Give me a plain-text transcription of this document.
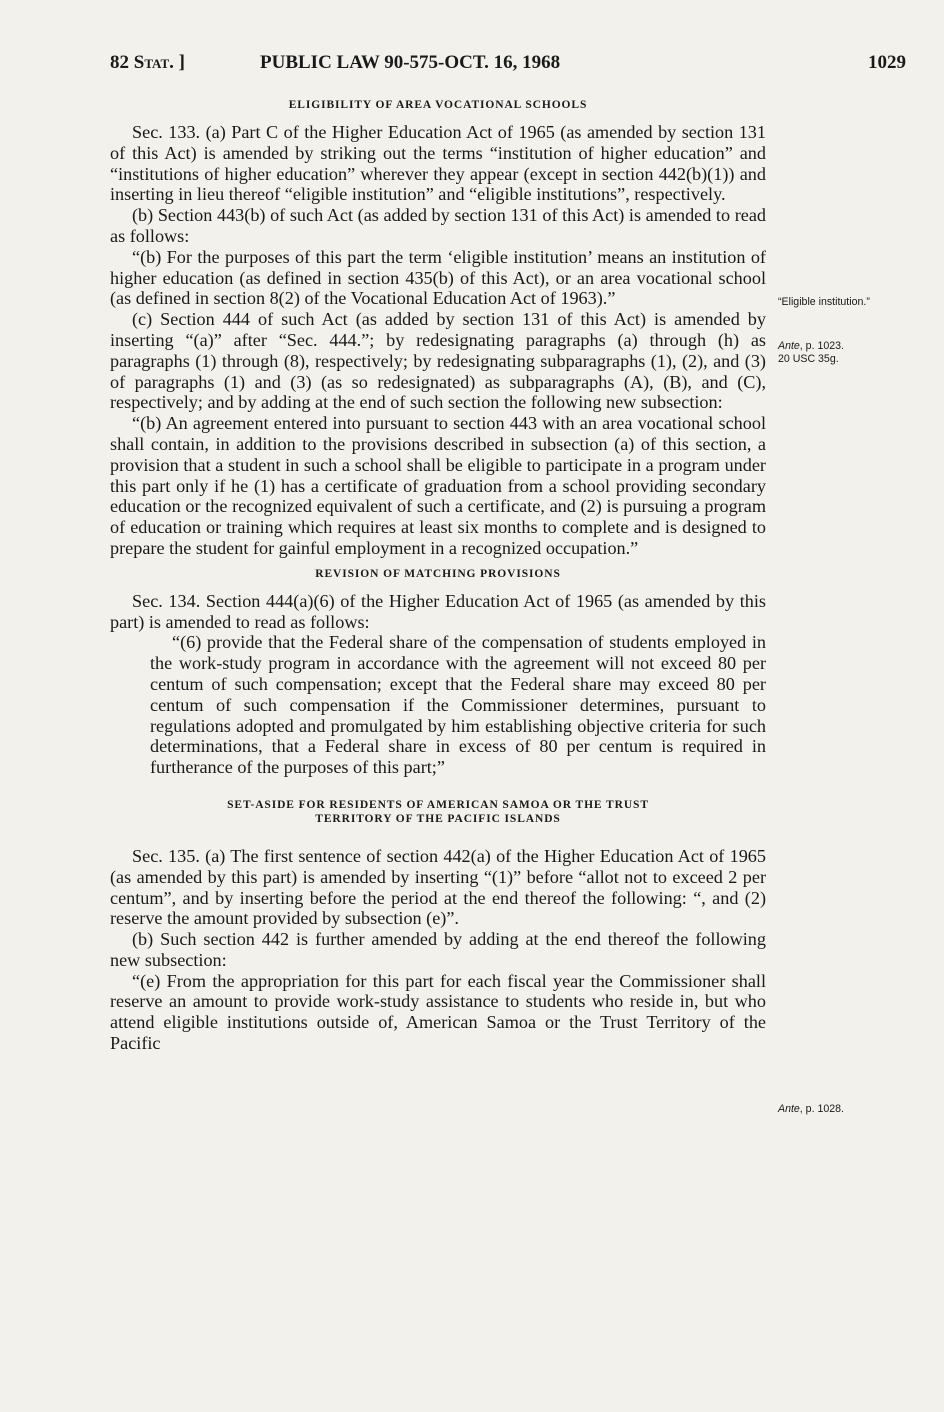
82 Stat. ]	PUBLIC LAW 90-575-OCT. 16, 1968	1029
ELIGIBILITY OF AREA VOCATIONAL SCHOOLS

Sec. 133. (a) Part C of the Higher Education Act of 1965 (as amended by section 131 of this Act) is amended by striking out the terms “institution of higher education” and “institutions of higher education” wherever they appear (except in section 442(b)(1)) and inserting in lieu thereof “eligible institution” and “eligible institutions”, respectively.

(b) Section 443(b) of such Act (as added by section 131 of this Act) is amended to read as follows:

“(b) For the purposes of this part the term ‘eligible institution’ means an institution of higher education (as defined in section 435(b) of this Act), or an area vocational school (as defined in section 8(2) of the Vocational Education Act of 1963).”

(c) Section 444 of such Act (as added by section 131 of this Act) is amended by inserting “(a)” after “Sec. 444.”; by redesignating paragraphs (a) through (h) as paragraphs (1) through (8), respectively; by redesignating subparagraphs (1), (2), and (3) of paragraphs (1) and (3) (as so redesignated) as subparagraphs (A), (B), and (C), respectively; and by adding at the end of such section the following new subsection:

“(b) An agreement entered into pursuant to section 443 with an area vocational school shall contain, in addition to the provisions described in subsection (a) of this section, a provision that a student in such a school shall be eligible to participate in a program under this part only if he (1) has a certificate of graduation from a school providing secondary education or the recognized equivalent of such a certificate, and (2) is pursuing a program of education or training which requires at least six months to complete and is designed to prepare the student for gainful employment in a recognized occupation.”

REVISION OF MATCHING PROVISIONS

Sec. 134. Section 444(a)(6) of the Higher Education Act of 1965 (as amended by this part) is amended to read as follows:

“(6) provide that the Federal share of the compensation of students employed in the work-study program in accordance with the agreement will not exceed 80 per centum of such compensation; except that the Federal share may exceed 80 per centum of such compensation if the Commissioner determines, pursuant to regulations adopted and promulgated by him establishing objective criteria for such determinations, that a Federal share in excess of 80 per centum is required in furtherance of the purposes of this part;”

SET-ASIDE FOR RESIDENTS OF AMERICAN SAMOA OR THE TRUST
TERRITORY OF THE PACIFIC ISLANDS

Sec. 135. (a) The first sentence of section 442(a) of the Higher Education Act of 1965 (as amended by this part) is amended by inserting “(1)” before “allot not to exceed 2 per centum”, and by inserting before the period at the end thereof the following: “, and (2) reserve the amount provided by subsection (e)”.

(b) Such section 442 is further amended by adding at the end thereof the following new subsection:

“(e) From the appropriation for this part for each fiscal year the Commissioner shall reserve an amount to provide work-study assistance to students who reside in, but who attend eligible institutions outside of, American Samoa or the Trust Territory of the Pacific

“Eligible institution.”
Ante, p. 1023.
20 USC 35g.
Ante, p. 1028.
